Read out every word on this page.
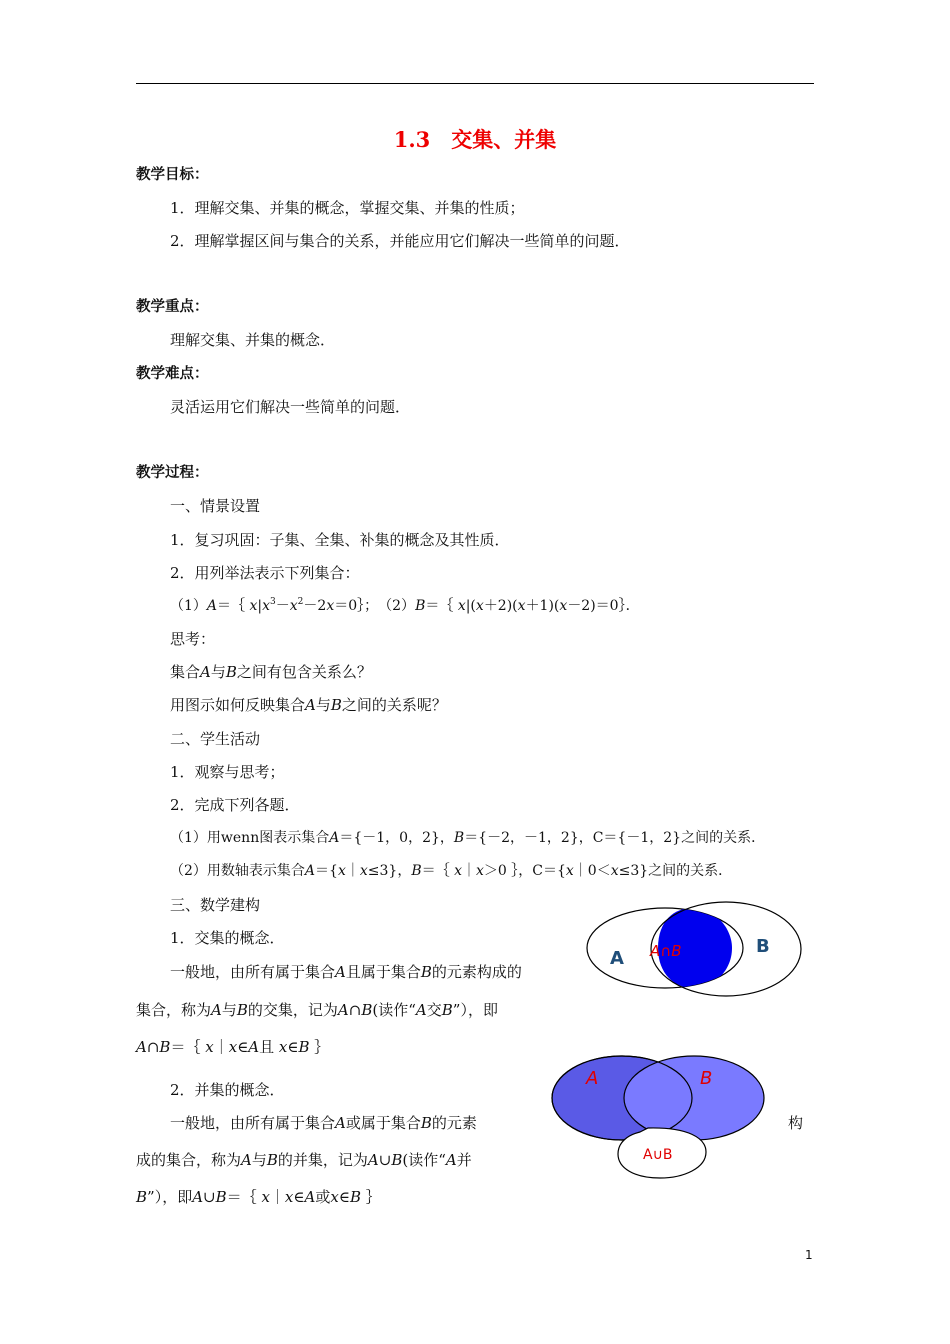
1.3　交集、并集
教学目标：
1．理解交集、并集的概念，掌握交集、并集的性质；
2．理解掌握区间与集合的关系，并能应用它们解决一些简单的问题．
教学重点：
理解交集、并集的概念．
教学难点：
灵活运用它们解决一些简单的问题．
教学过程：
一、情景设置
1．复习巩固：子集、全集、补集的概念及其性质．
2．用列举法表示下列集合：
（1）A＝｛ $x|x^3-x^2-2x=0\}$；　（2）B＝｛ x|(x＋2)(x＋1)(x－2)＝0｝．
思考：
集合A与B之间有包含关系么？
用图示如何反映集合A与B之间的关系呢？
二、学生活动
1．观察与思考；
2．完成下列各题．
（1）用wenn图表示集合A＝{－1，0，2}，B＝{－2，－1，2}，C＝{－1，2}之间的关系．
（2）用数轴表示集合A＝{x｜x≤3}，B＝｛ x｜x＞0 ｝，C＝{x｜0＜x≤3}之间的关系．
三、数学建构
1．交集的概念．
一般地，由所有属于集合A且属于集合B的元素构成的
集合，称为A与B的交集，记为A∩B(读作“A交B”），即
A∩B＝｛ x｜x∈A且 x∈B ｝
2．并集的概念．
一般地，由所有属于集合A或属于集合B的元素	构
成的集合，称为A与B的并集，记为A∪B(读作“A并
B”），即A∪B＝｛ x｜x∈A或x∈B ｝
A
B
A∩B
A	B
A∪B
1
